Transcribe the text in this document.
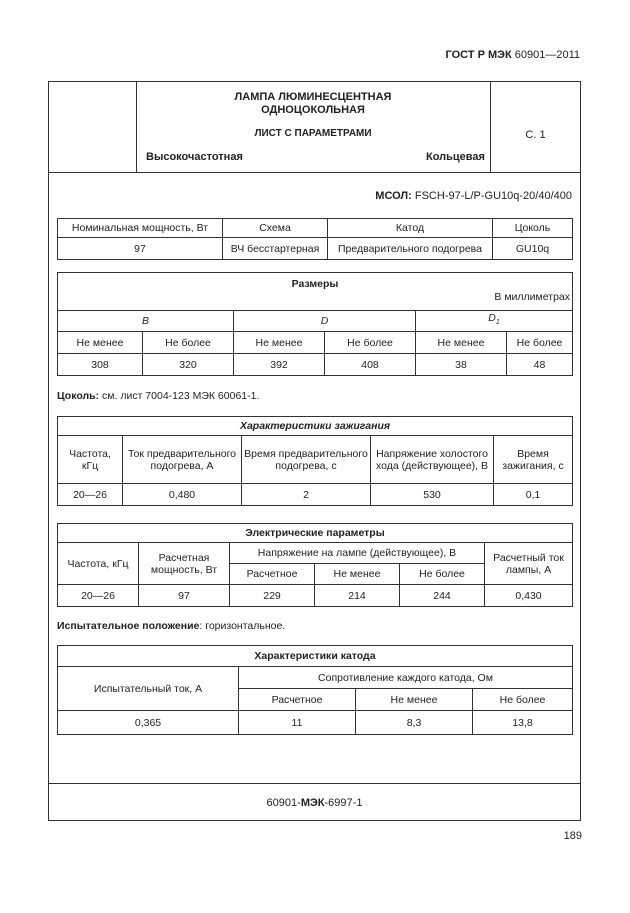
ГОСТ Р МЭК 60901—2011
ЛАМПА ЛЮМИНЕСЦЕНТНАЯ
ОДНОЦОКОЛЬНАЯ
ЛИСТ С ПАРАМЕТРАМИ
Высокочастотная	Кольцевая
С. 1
МСОЛ: FSCH-97-L/P-GU10q-20/40/400
Номинальная мощность, Вт	Схема	Катод	Цоколь
97	ВЧ бесстартерная	Предварительного подогрева	GU10q
Размеры
В миллиметрах					

B		D		$D_1$
Не менее	Не более	Не менее	Не более	Не менее	Не более
308	320	392	408	38	48
Цоколь: см. лист 7004-123 МЭК 60061-1.
Характеристики зажигания				
Частота, кГц	Ток предварительного подогрева, А	Время предварительного подогрева, с	Напряжение холостого хода (действующее), В	Время зажигания, с
20—26	0,480	2	530	0,1
Электрические параметры					
Частота, кГц	Расчетная мощность, Вт	Напряжение на лампе (действующее), В			Расчетный ток лампы, А
		Расчетное	Не менее	Не более	
20—26	97	229	214	244	0,430
Испытательное положение: горизонтальное.
Характеристики катода			
Испытательный ток, А	Сопротивление каждого катода, Ом		
	Расчетное	Не менее	Не более
0,365	11	8,3	13,8
60901-МЭК-6997-1
189
